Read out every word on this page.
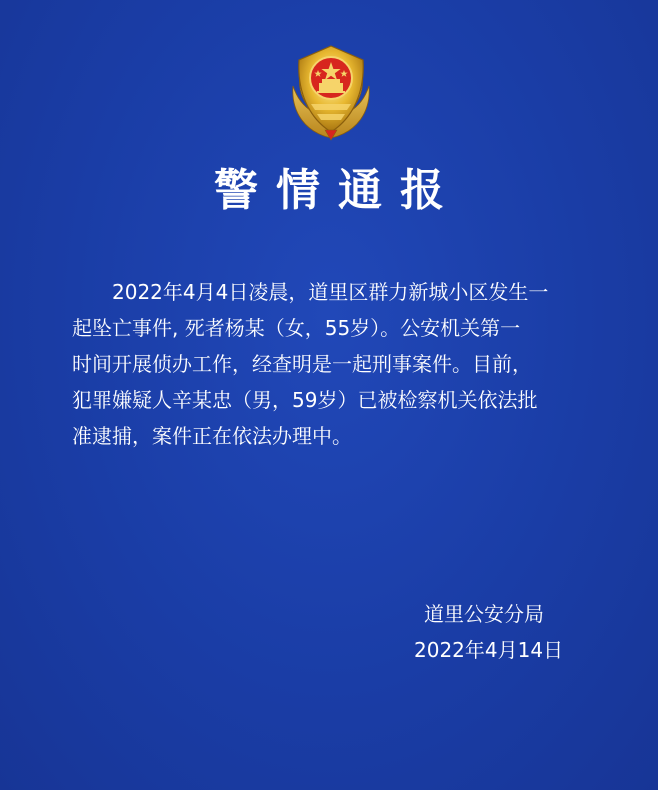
警情通报
2022年4月4日凌晨，道里区群力新城小区发生一
起坠亡事件, 死者杨某（女，55岁）。公安机关第一
时间开展侦办工作，经查明是一起刑事案件。目前，
犯罪嫌疑人辛某忠（男，59岁）已被检察机关依法批
准逮捕，案件正在依法办理中。
道里公安分局
2022年4月14日
